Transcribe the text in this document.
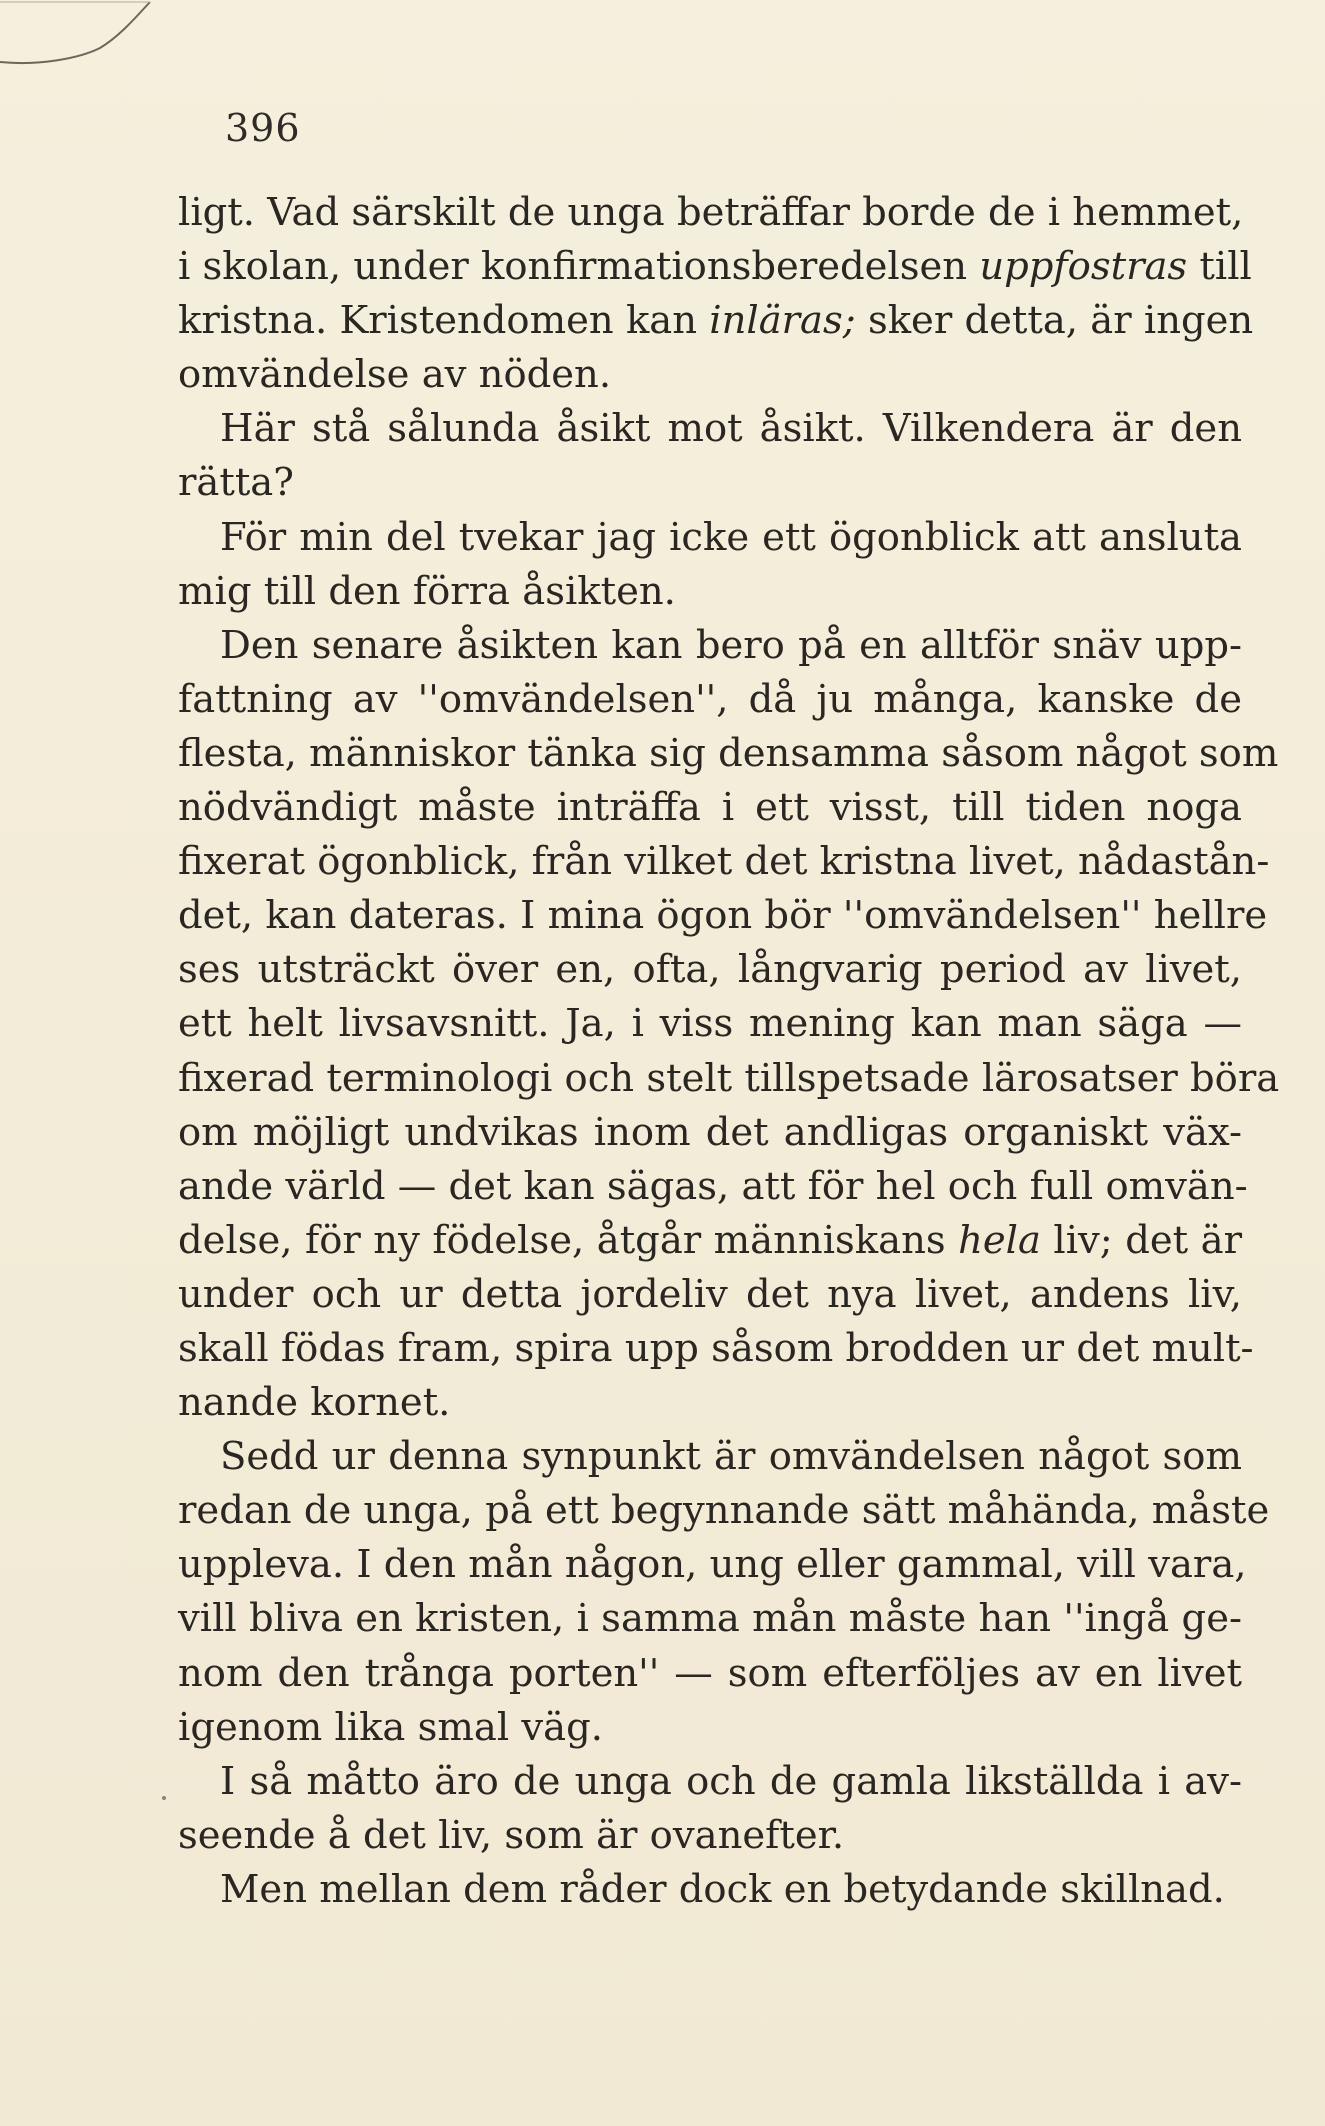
396
ligt. Vad särskilt de unga beträffar borde de i hemmet,
i skolan, under konfirmationsberedelsen uppfostras till
kristna. Kristendomen kan inläras; sker detta, är ingen
omvändelse av nöden.
Här stå sålunda åsikt mot åsikt. Vilkendera är den
rätta?
För min del tvekar jag icke ett ögonblick att ansluta
mig till den förra åsikten.
Den senare åsikten kan bero på en alltför snäv upp-
fattning av ''omvändelsen'', då ju många, kanske de
flesta, människor tänka sig densamma såsom något som
nödvändigt måste inträffa i ett visst, till tiden noga
fixerat ögonblick, från vilket det kristna livet, nådastån-
det, kan dateras. I mina ögon bör ''omvändelsen'' hellre
ses utsträckt över en, ofta, långvarig period av livet,
ett helt livsavsnitt. Ja, i viss mening kan man säga —
fixerad terminologi och stelt tillspetsade lärosatser böra
om möjligt undvikas inom det andligas organiskt väx-
ande värld — det kan sägas, att för hel och full omvän-
delse, för ny födelse, åtgår människans hela liv; det är
under och ur detta jordeliv det nya livet, andens liv,
skall födas fram, spira upp såsom brodden ur det mult-
nande kornet.
Sedd ur denna synpunkt är omvändelsen något som
redan de unga, på ett begynnande sätt måhända, måste
uppleva. I den mån någon, ung eller gammal, vill vara,
vill bliva en kristen, i samma mån måste han ''ingå ge-
nom den trånga porten'' — som efterföljes av en livet
igenom lika smal väg.
I så måtto äro de unga och de gamla likställda i av-
seende å det liv, som är ovanefter.
Men mellan dem råder dock en betydande skillnad.
